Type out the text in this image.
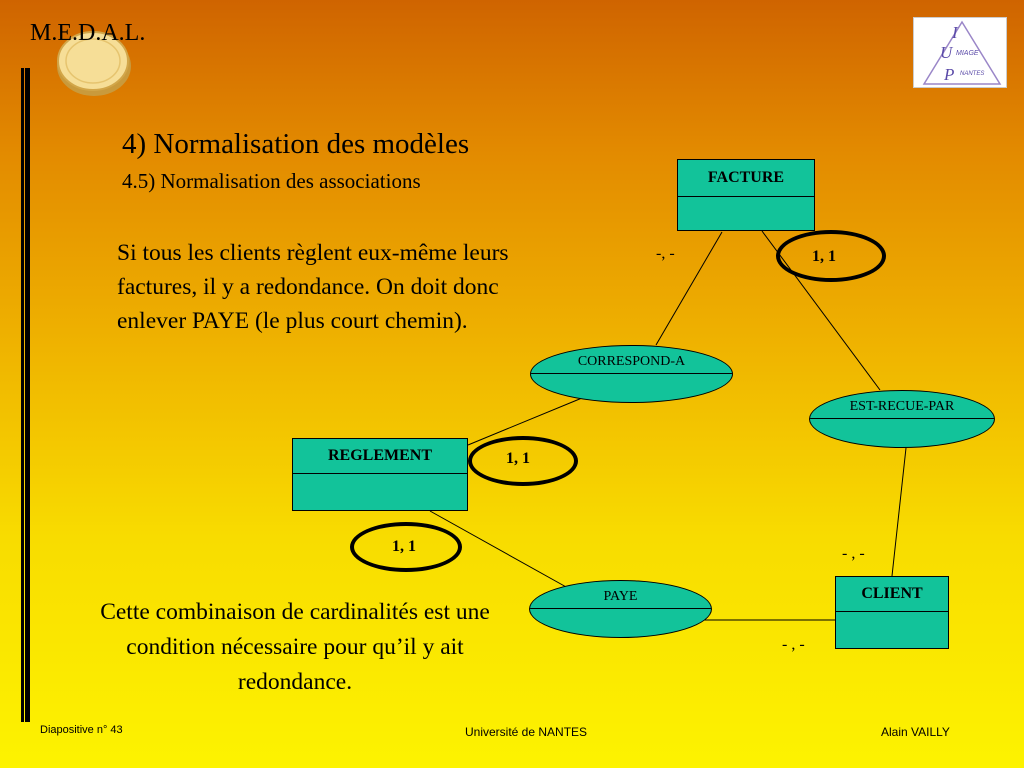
M.E.D.A.L.	I
U
P
MIAGE
NANTES
4) Normalisation des modèles
4.5) Normalisation des associations
Si tous les clients règlent eux-même leurs factures, il y a redondance. On doit donc enlever PAYE (le plus court chemin).
Cette combinaison de cardinalités est une condition nécessaire pour qu’il y ait redondance.
FACTURE
REGLEMENT
CLIENT
CORRESPOND-A
EST-RECUE-PAR
PAYE
-, -	1, 1
1, 1
1, 1	- , -
- , -
Diapositive n° 43	Université de NANTES	Alain VAILLY
